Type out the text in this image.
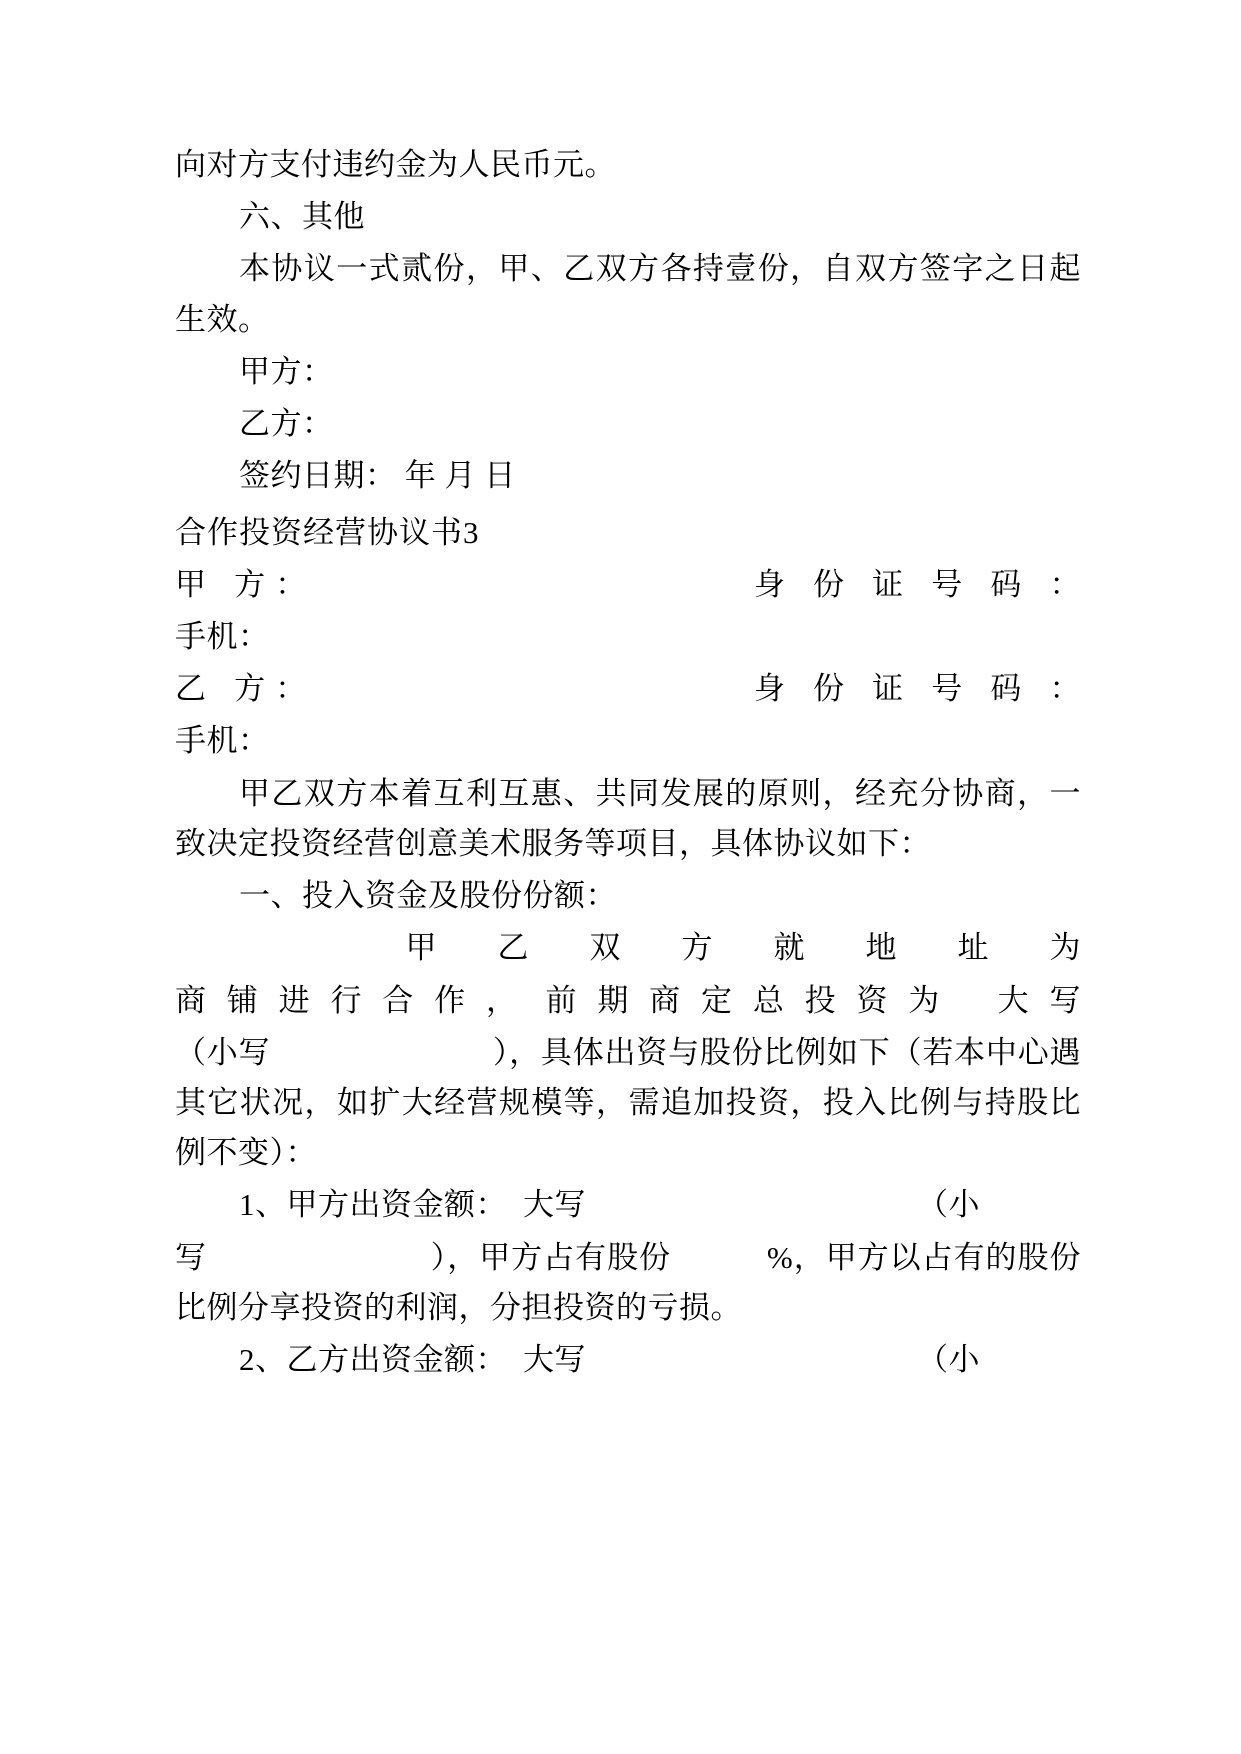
向对方支付违约金为人民币元。

六、其他

本协议一式贰份，甲、乙双方各持壹份，自双方签字之日起生效。

甲方：

乙方：

签约日期： 年 月 日

合作投资经营协议书3

甲 方：　　　　　　　　　　　身 份 证 号 码 ：

手机：

乙 方：　　　　　　　　　　　身 份 证 号 码 ：

手机：

甲乙双方本着互利互惠、共同发展的原则，经充分协商，一致决定投资经营创意美术服务等项目，具体协议如下：

一、投入资金及股份份额：

　　　　甲 乙 双 方 就 地 址 为

商 铺 进 行 合 作 ，　前 期 商 定 总 投 资 为　 大 写

（小写　　　　　　　），具体出资与股份比例如下（若本中心遇其它状况，如扩大经营规模等，需追加投资，投入比例与持股比例不变）：

1、甲方出资金额：　大写　　　　　　　　　　　（小

写　　　　　　　），甲方占有股份　　　%，甲方以占有的股份比例分享投资的利润，分担投资的亏损。

2、乙方出资金额：　大写　　　　　　　　　　　（小
